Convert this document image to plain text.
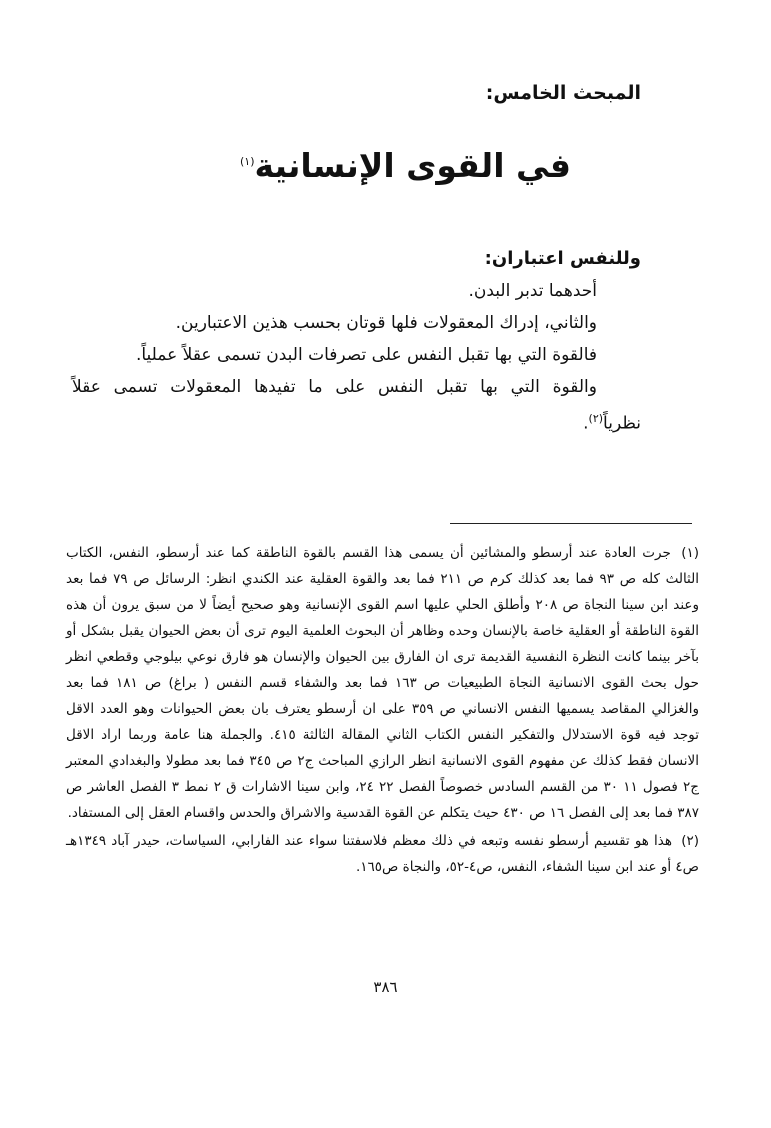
المبحث الخامس:
في القوى الإنسانية$^{(١)}$

وللنفس اعتباران:

أحدهما تدبر البدن.

والثاني، إدراك المعقولات فلها قوتان بحسب هذين الاعتبارين.

فالقوة التي بها تقبل النفس على تصرفات البدن تسمى عقلاً عملياً.

والقوة التي بها تقبل النفس على ما تفيدها المعقولات تسمى عقلاً

نظرياً$^{(٢)}$.

(١) جرت العادة عند أرسطو والمشائين أن يسمى هذا القسم بالقوة الناطقة كما عند أرسطو، النفس، الكتاب الثالث كله ص ٩٣ فما بعد كذلك كرم ص ٢١١ فما بعد والقوة العقلية عند الكندي انظر: الرسائل ص ٧٩ فما بعد وعند ابن سينا النجاة ص ٢٠٨ وأطلق الحلي عليها اسم القوى الإنسانية وهو صحيح أيضاً لا من سبق يرون أن هذه القوة الناطقة أو العقلية خاصة بالإنسان وحده وظاهر أن البحوث العلمية اليوم ترى أن بعض الحيوان يقبل بشكل أو بآخر بينما كانت النظرة النفسية القديمة ترى ان الفارق بين الحيوان والإنسان هو فارق نوعي بيلوجي وقطعي انظر حول بحث القوى الانسانية النجاة الطبيعيات ص ١٦٣ فما بعد والشفاء قسم النفس ( براغ) ص ١٨١ فما بعد والغزالي المقاصد يسميها النفس الانساني ص ٣٥٩ على ان أرسطو يعترف بان بعض الحيوانات وهو العدد الاقل توجد فيه قوة الاستدلال والتفكير النفس الكتاب الثاني المقالة الثالثة ٤١٥. والجملة هنا عامة وربما اراد الاقل الانسان فقط كذلك عن مفهوم القوى الانسانية انظر الرازي المباحث ج٢ ص ٣٤٥ فما بعد مطولا والبغدادي المعتبر ج٢ فصول ١١ ٣٠ من القسم السادس خصوصاً الفصل ٢٢ ٢٤، وابن سينا الاشارات ق ٢ نمط ٣ الفصل العاشر ص ٣٨٧ فما بعد إلى الفصل ١٦ ص ٤٣٠ حيث يتكلم عن القوة القدسية والاشراق والحدس واقسام العقل إلى المستفاد.

(٢) هذا هو تقسيم أرسطو نفسه وتبعه في ذلك معظم فلاسفتنا سواء عند الفارابي، السياسات، حيدر آباد ١٣٤٩هـ ص٤ أو عند ابن سينا الشفاء، النفس، ص٤-٥٢، والنجاة ص١٦٥.

٣٨٦
